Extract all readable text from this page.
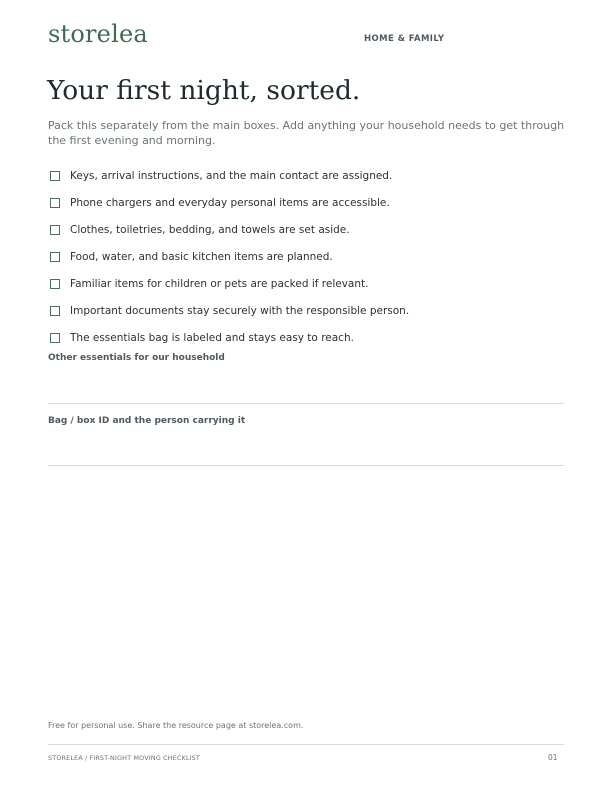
storelea	HOME & FAMILY
Your first night, sorted.

Pack this separately from the main boxes. Add anything your household needs to get through the first evening and morning.

Keys, arrival instructions, and the main contact are assigned.
Phone chargers and everyday personal items are accessible.
Clothes, toiletries, bedding, and towels are set aside.
Food, water, and basic kitchen items are planned.
Familiar items for children or pets are packed if relevant.
Important documents stay securely with the responsible person.
The essentials bag is labeled and stays easy to reach.
Other essentials for our household
Bag / box ID and the person carrying it
Free for personal use. Share the resource page at storelea.com.
STORELEA / FIRST-NIGHT MOVING CHECKLIST	01
